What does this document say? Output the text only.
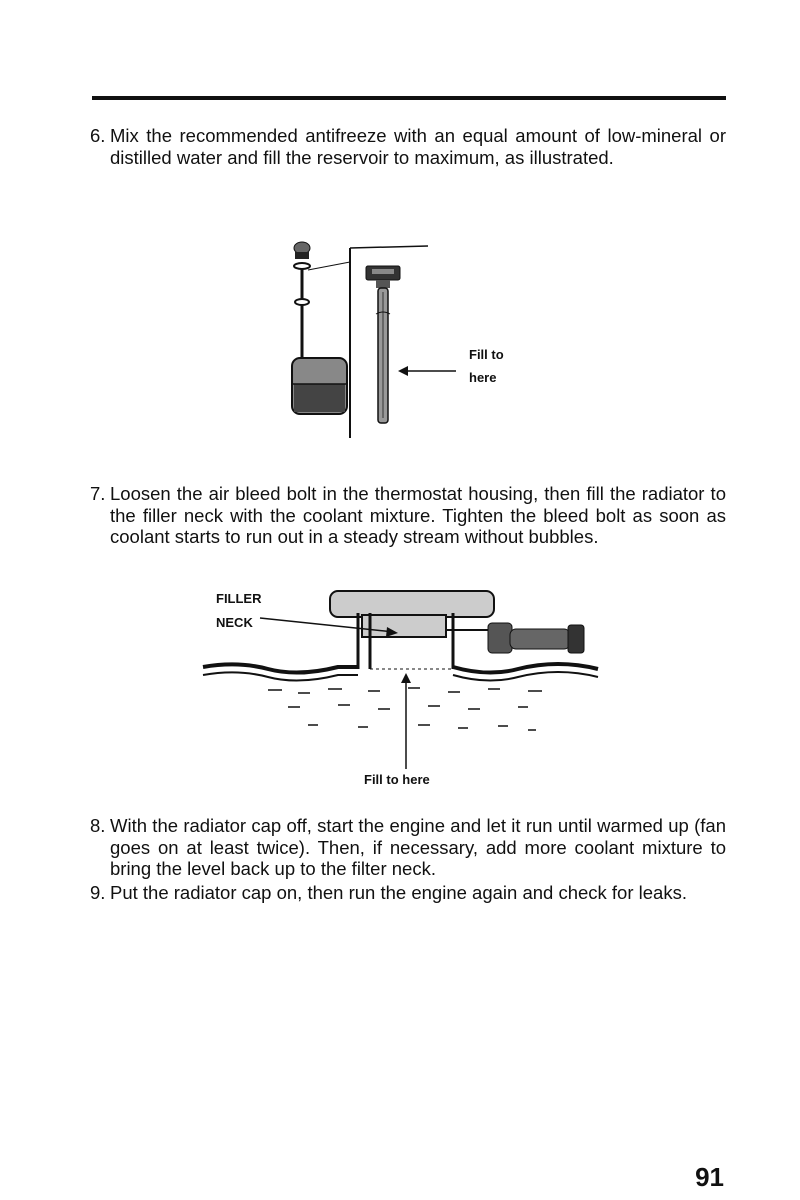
6. Mix the recommended antifreeze with an equal amount of low-mineral or distilled water and fill the reservoir to maximum, as illustrated.
Fill to
here
7. Loosen the air bleed bolt in the thermostat housing, then fill the radiator to the filler neck with the coolant mixture. Tighten the bleed bolt as soon as coolant starts to run out in a steady stream without bubbles.
FILLER
NECK
Fill to here
8. With the radiator cap off, start the engine and let it run until warmed up (fan goes on at least twice). Then, if necessary, add more coolant mixture to bring the level back up to the filter neck.
9. Put the radiator cap on, then run the engine again and check for leaks.
91
